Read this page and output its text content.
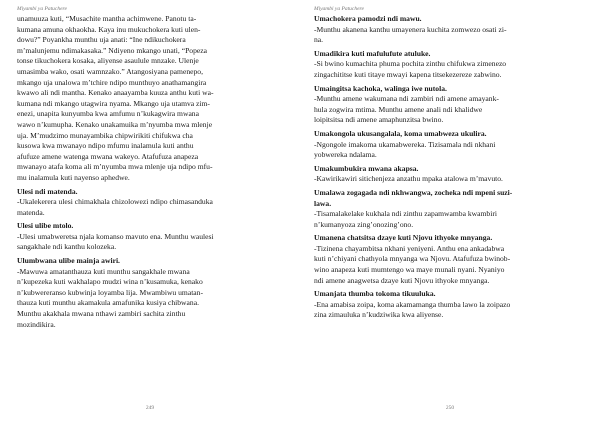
Miyambi ya Patuchere
unamuuza kuti, “Musachite mantha achimwene. Panotu ta-
kumana amuna okhaokha. Kaya inu mukuchokera kuti ulen-
dowu?” Poyankha munthu uja anati: “Ine ndikuchokera
m’malunjemu ndimakasaka.” Ndiyeno mkango unati, “Popeza
tonse tikuchokera kosaka, aliyense asaulule mnzake. Ulenje
umasimba wako, osati wamnzako.” Atangosiyana pamenepo,
mkango uja unalowa m’tchire ndipo munthuyo anathamangira
kwawo ali ndi mantha. Kenako anaayamba kuuza anthu kuti wa-
kumana ndi mkango utagwira nyama. Mkango uja utamva zim-
enezi, unapita kunyumba kwa amfumu n’kukagwira mwana
wawo n’kumupha. Kenako unakamuika m’nyumba mwa mlenje
uja. M’mudzimo munayambika chipwirikiti chifukwa cha
kusowa kwa mwanayo ndipo mfumu inalamula kuti anthu
afufuze amene watenga mwana wakeyo. Atafufuza anapeza
mwanayo atafa koma ali m’nyumba mwa mlenje uja ndipo mfu-
mu inalamula kuti nayenso aphedwe.
Ulesi ndi matenda.
-Ukalekerera ulesi chimakhala chizolowezi ndipo chimasanduka
matenda.
Ulesi ulibe mtolo.
-Ulesi umabweretsa njala komanso mavuto ena. Munthu waulesi
sangakhale ndi kanthu kolozeka.
Ulumbwana ulibe mainja awiri.
-Mawuwa amatanthauza kuti munthu sangakhale mwana
n’kupezeka kuti wakhalapo mudzi wina n’kusamuka, kenako
n’kubwereranso kubwinja loyamba lija. Mwambiwu umatan-
thauza kuti munthu akamakula amafunika kusiya chibwana.
Munthu akakhala mwana nthawi zambiri sachita zinthu
mozindikira.
249
Miyambi ya Patuchere
Umachokera pamodzi ndi mawu.
-Munthu akanena kanthu umayenera kuchita zomwezo osati zi-
na.
Umadikira kuti mafulufute atuluke.
-Si bwino kumachita phuma pochita zinthu chifukwa zimenezo
zingachititse kuti titaye mwayi kapena titsekezereze zabwino.
Umaingitsa kachoka, walinga iwe nutola.
-Munthu amene wakumana ndi zambiri ndi amene amayank-
hula zogwira mtima. Munthu amene anali ndi khalidwe
loipitsitsa ndi amene amaphunzitsa bwino.
Umakongola ukusangalala, koma umabweza ukulira.
-Ngongole imakoma ukamabwereka. Tizisamala ndi nkhani
yobwereka ndalama.
Umakumbukira mwana akapsa.
-Kawirikawiri sitichenjeza anzathu mpaka atalowa m’mavuto.
Umalawa zogagada ndi nkhwangwa, zocheka ndi mpeni suzi-
lawa.
-Tisamalakelake kukhala ndi zinthu zapamwamba kwambiri
n’kumanyoza zing’onozing’ono.
Umanena chatsitsa dzaye kuti Njovu ithyoke mnyanga.
-Tizinena chayambitsa nkhani yeniyeni. Anthu ena ankadabwa
kuti n’chiyani chathyola mnyanga wa Njovu. Atafufuza bwinob-
wino anapeza kuti mumtengo wa maye munali nyani. Nyaniyo
ndi amene anagwetsa dzaye kuti Njovu ithyoke mnyanga.
Umanjata thumba tokoma tikuuluka.
-Ena amabisa zoipa, koma akamamanga thumba lawo la zoipazo
zina zimauluka n’kudziwika kwa aliyense.
250
